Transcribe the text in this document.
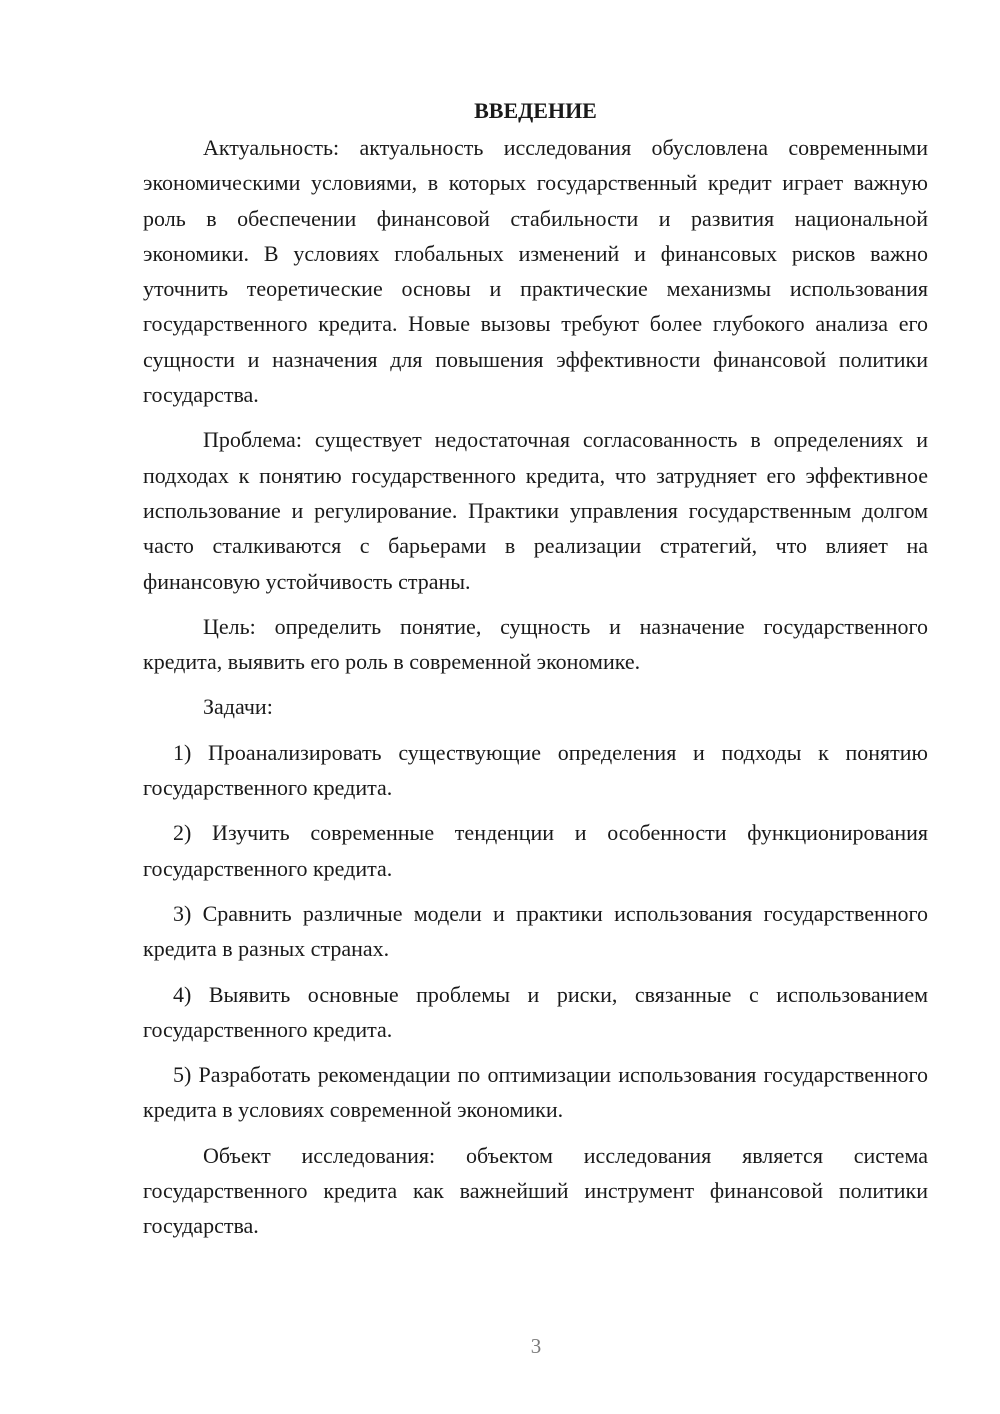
ВВЕДЕНИЕ

Актуальность: актуальность исследования обусловлена современными экономическими условиями, в которых государственный кредит играет важную роль в обеспечении финансовой стабильности и развития национальной экономики. В условиях глобальных изменений и финансовых рисков важно уточнить теоретические основы и практические механизмы использования государственного кредита. Новые вызовы требуют более глубокого анализа его сущности и назначения для повышения эффективности финансовой политики государства.

Проблема: существует недостаточная согласованность в определениях и подходах к понятию государственного кредита, что затрудняет его эффективное использование и регулирование. Практики управления государственным долгом часто сталкиваются с барьерами в реализации стратегий, что влияет на финансовую устойчивость страны.

Цель: определить понятие, сущность и назначение государственного кредита, выявить его роль в современной экономике.

Задачи:

1) Проанализировать существующие определения и подходы к понятию государственного кредита.

2) Изучить современные тенденции и особенности функционирования государственного кредита.

3) Сравнить различные модели и практики использования государственного кредита в разных странах.

4) Выявить основные проблемы и риски, связанные с использованием государственного кредита.

5) Разработать рекомендации по оптимизации использования государственного кредита в условиях современной экономики.

Объект исследования: объектом исследования является система государственного кредита как важнейший инструмент финансовой политики государства.

3
